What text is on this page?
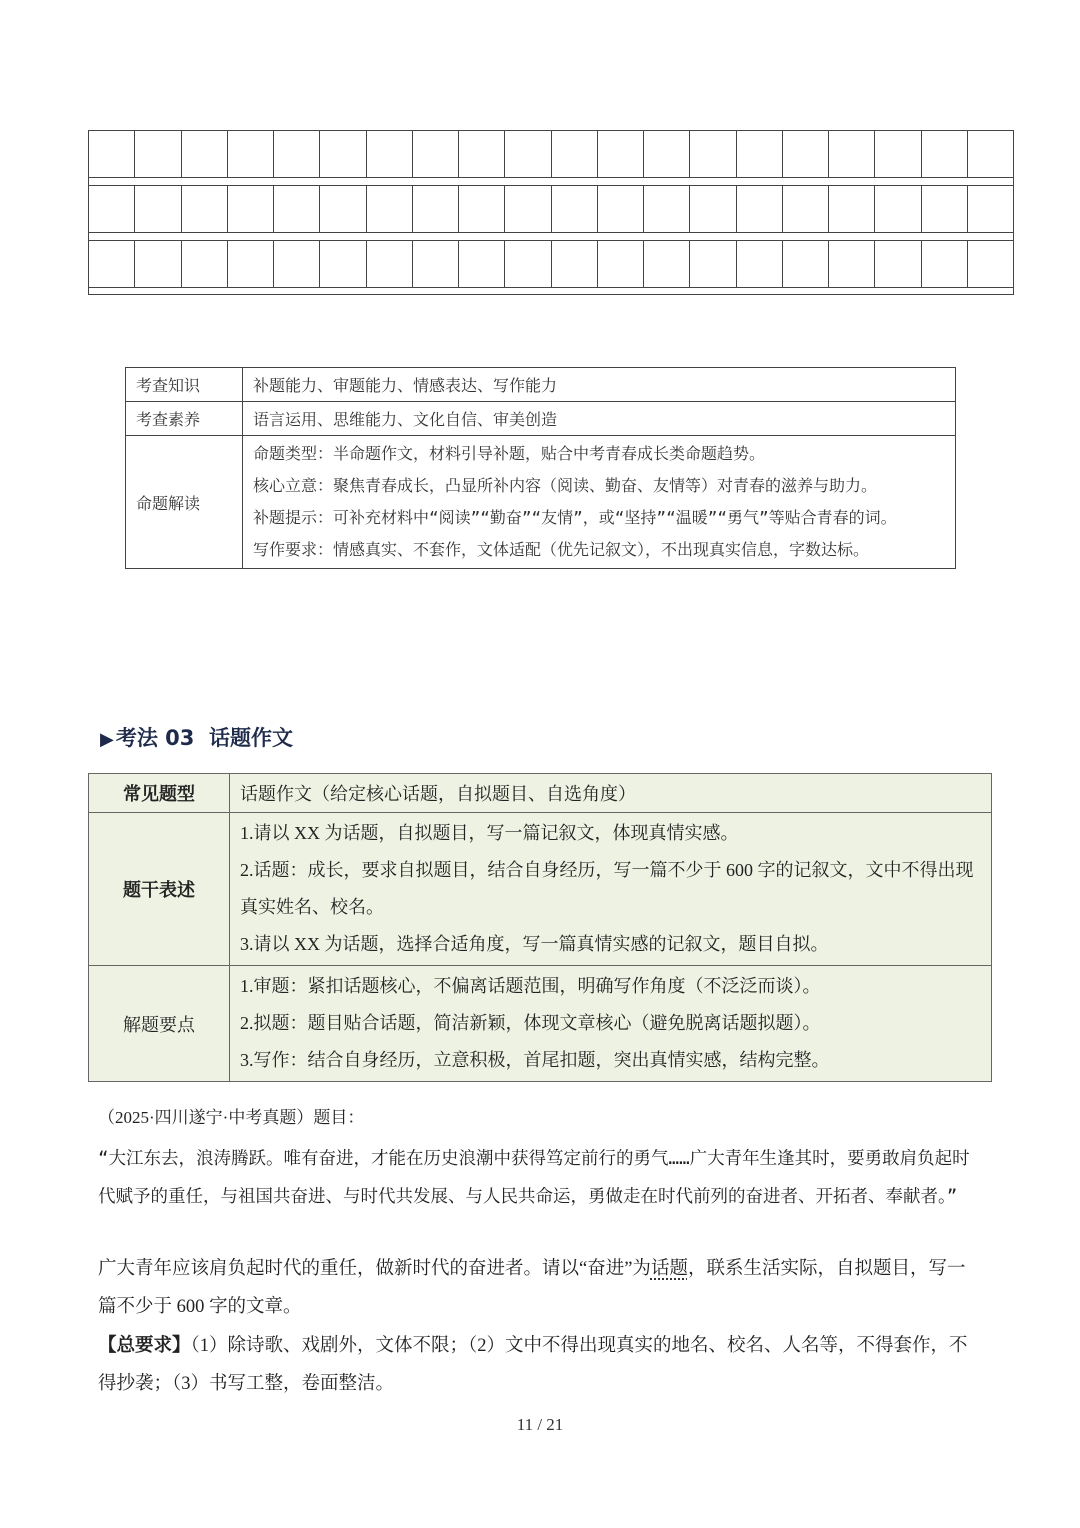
考查知识	补题能力、审题能力、情感表达、写作能力
考查素养	语言运用、思维能力、文化自信、审美创造
命题解读	命题类型：半命题作文，材料引导补题，贴合中考青春成长类命题趋势。

核心立意：聚焦青春成长，凸显所补内容（阅读、勤奋、友情等）对青春的滋养与助力。

补题提示：可补充材料中“阅读”“勤奋”“友情”，或“坚持”“温暖”“勇气”等贴合青春的词。

写作要求：情感真实、不套作，文体适配（优先记叙文），不出现真实信息，字数达标。

▶考法 03  话题作文
常见题型	话题作文（给定核心话题，自拟题目、自选角度）
题干表述	1.请以 XX 为话题，自拟题目，写一篇记叙文，体现真情实感。

2.话题：成长，要求自拟题目，结合自身经历，写一篇不少于 600 字的记叙文，文中不得出现真实姓名、校名。

3.请以 XX 为话题，选择合适角度，写一篇真情实感的记叙文，题目自拟。

解题要点	1.审题：紧扣话题核心，不偏离话题范围，明确写作角度（不泛泛而谈）。

2.拟题：题目贴合话题，简洁新颖，体现文章核心（避免脱离话题拟题）。

3.写作：结合自身经历，立意积极，首尾扣题，突出真情实感，结构完整。

（2025·四川遂宁·中考真题）题目：
“大江东去，浪涛腾跃。唯有奋进，才能在历史浪潮中获得笃定前行的勇气……广大青年生逢其时，要勇敢肩负起时代赋予的重任，与祖国共奋进、与时代共发展、与人民共命运，勇做走在时代前列的奋进者、开拓者、奉献者。”
广大青年应该肩负起时代的重任，做新时代的奋进者。请以“奋进”为话题，联系生活实际，自拟题目，写一篇不少于 600 字的文章。
【总要求】（1）除诗歌、戏剧外，文体不限；（2）文中不得出现真实的地名、校名、人名等，不得套作，不得抄袭；（3）书写工整，卷面整洁。
11 / 21
